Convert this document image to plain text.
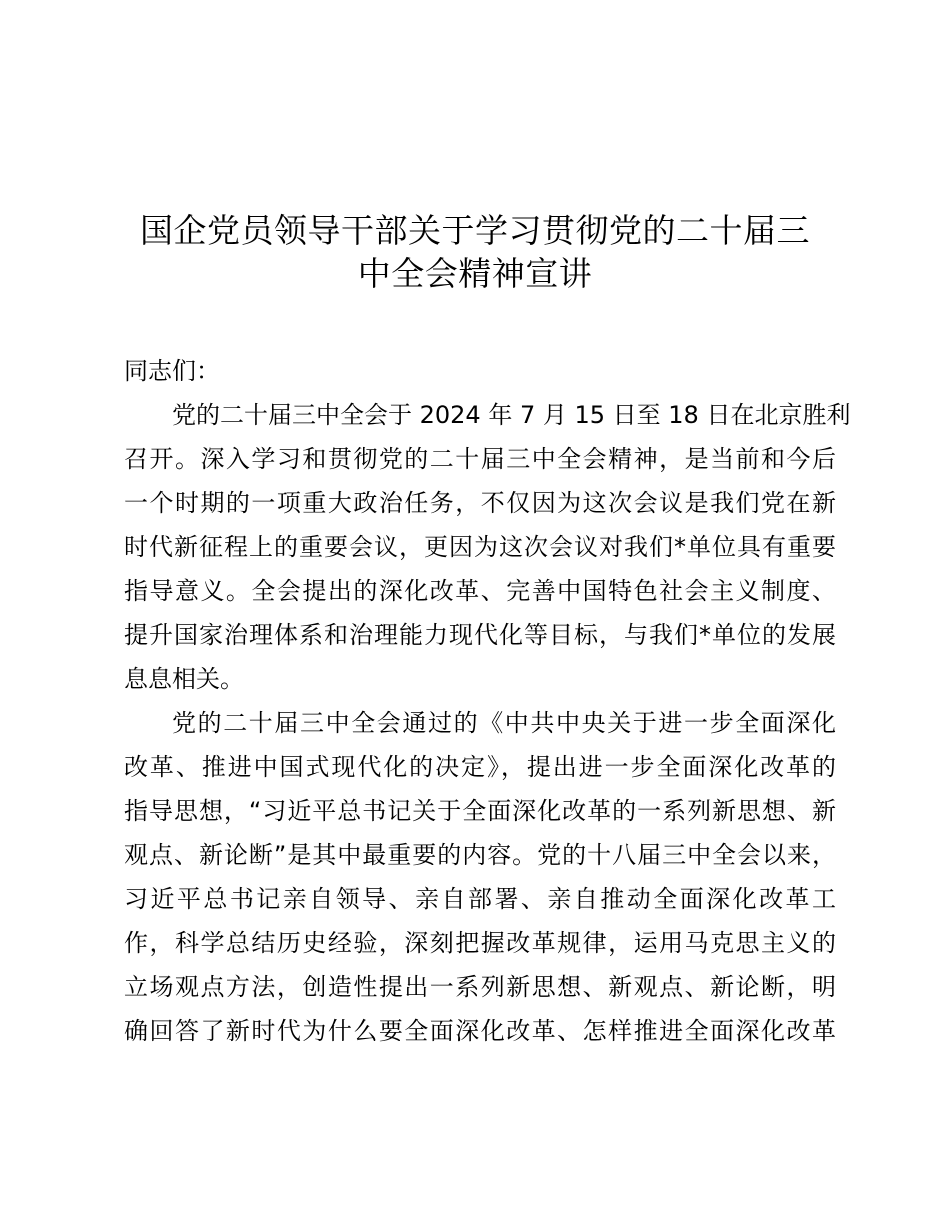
国企党员领导干部关于学习贯彻党的二十届三
中全会精神宣讲
同志们：
党的二十届三中全会于 2024 年 7 月 15 日至 18 日在北京胜利
召开。深入学习和贯彻党的二十届三中全会精神，是当前和今后
一个时期的一项重大政治任务，不仅因为这次会议是我们党在新
时代新征程上的重要会议，更因为这次会议对我们*单位具有重要
指导意义。全会提出的深化改革、完善中国特色社会主义制度、
提升国家治理体系和治理能力现代化等目标，与我们*单位的发展
息息相关。
党的二十届三中全会通过的《中共中央关于进一步全面深化
改革、推进中国式现代化的决定》，提出进一步全面深化改革的
指导思想，“习近平总书记关于全面深化改革的一系列新思想、新
观点、新论断”是其中最重要的内容。党的十八届三中全会以来，
习近平总书记亲自领导、亲自部署、亲自推动全面深化改革工
作，科学总结历史经验，深刻把握改革规律，运用马克思主义的
立场观点方法，创造性提出一系列新思想、新观点、新论断，明
确回答了新时代为什么要全面深化改革、怎样推进全面深化改革
